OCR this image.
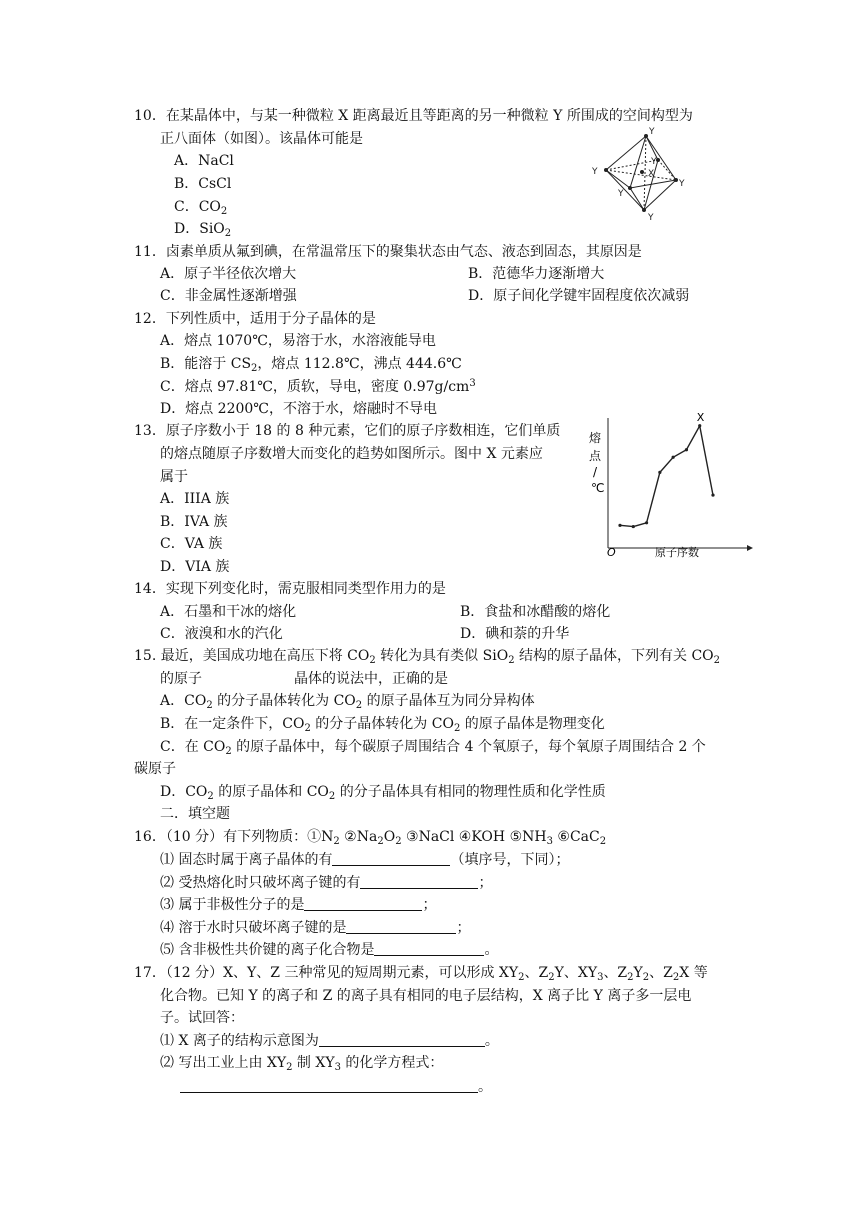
10．在某晶体中，与某一种微粒 X 距离最近且等距离的另一种微粒 Y 所围成的空间构型为
正八面体（如图）。该晶体可能是
A．NaCl
B．CsCl
C．$CO_2$
D．SiO$_2$
Y
Y
Y
Y
Y
Y
X
11．卤素单质从氟到碘，在常温常压下的聚集状态由气态、液态到固态，其原因是
A．原子半径依次增大	B．范德华力逐渐增大
C．非金属性逐渐增强	D．原子间化学键牢固程度依次减弱
12．下列性质中，适用于分子晶体的是
A．熔点 1070℃，易溶于水，水溶液能导电
B．能溶于 $CS_2$，熔点 112.8℃，沸点 444.6℃
C．熔点 97.81℃，质软，导电，密度 $0.97g/cm^3$
D．熔点 2200℃，不溶于水，熔融时不导电
13．原子序数小于 18 的 8 种元素，它们的原子序数相连，它们单质
的熔点随原子序数增大而变化的趋势如图所示。图中 X 元素应
属于
A．IIIA 族
B．IVA 族
C．VA 族
D．VIA 族
熔
点
/
℃
O	原子序数
X
14．实现下列变化时，需克服相同类型作用力的是
A．石墨和干冰的熔化	B．食盐和冰醋酸的熔化
C．液溴和水的汽化	D．碘和萘的升华
15. 最近，美国成功地在高压下将 $CO_2$ 转化为具有类似 SiO$_2$ 结构的原子晶体，下列有关 $CO_2$
的原子	晶体的说法中，正确的是
A．$CO_2$ 的分子晶体转化为 $CO_2$ 的原子晶体互为同分异构体
B．在一定条件下，$CO_2$ 的分子晶体转化为 $CO_2$ 的原子晶体是物理变化
C．在 $CO_2$ 的原子晶体中，每个碳原子周围结合 4 个氧原子，每个氧原子周围结合 2 个
碳原子
D．$CO_2$ 的原子晶体和 $CO_2$ 的分子晶体具有相同的物理性质和化学性质
二．填空题
16．（10 分）有下列物质：$①N_2$ $②Na_2O_2$ ③NaCl ④KOH $⑤NH_3$ ⑥CaC$_2$
⑴ 固态时属于离子晶体的有	（填序号，下同）；
⑵ 受热熔化时只破坏离子键的有	；
⑶ 属于非极性分子的是	；
⑷ 溶于水时只破坏离子键的是	；
⑸ 含非极性共价键的离子化合物是	。
17．（12 分）X、Y、Z 三种常见的短周期元素，可以形成 $XY_2$、$Z_2Y$、$XY_3$、$Z_2Y_2$、$Z_2X$ 等
化合物。已知 Y 的离子和 Z 的离子具有相同的电子层结构，X 离子比 Y 离子多一层电
子。试回答：
⑴ X 离子的结构示意图为	。
⑵ 写出工业上由 $XY_2$ 制 $XY_3$ 的化学方程式：
。
